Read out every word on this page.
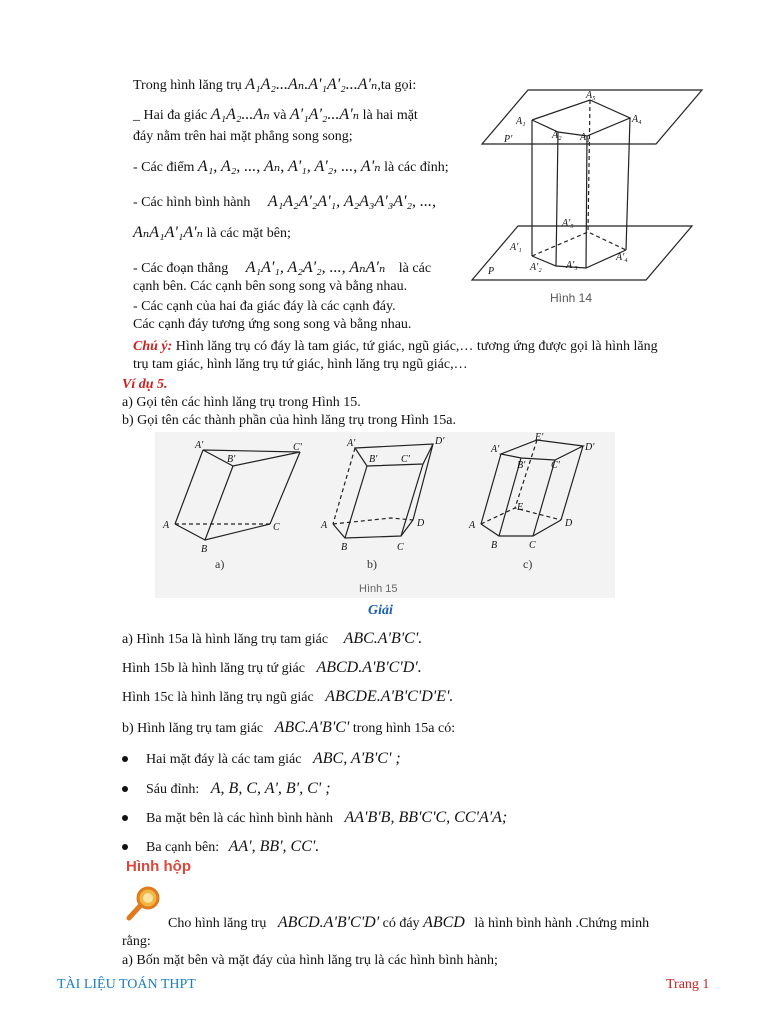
Trong hình lăng trụ A₁A₂...Aₙ.A'₁A'₂...A'ₙ,ta gọi:
_ Hai đa giác A₁A₂...Aₙ và A'₁A'₂...A'ₙ là hai mặt
đáy nằm trên hai mặt phẳng song song;
- Các điểm A₁, A₂, ..., Aₙ, A'₁, A'₂, ..., A'ₙ là các đỉnh;
- Các hình bình hành A₁A₂A'₂A'₁, A₂A₃A'₃A'₂, ...,
AₙA₁A'₁A'ₙ là các mặt bên;
- Các đoạn thẳng A₁A'₁, A₂A'₂, ..., AₙA'ₙ là các
cạnh bên. Các cạnh bên song song và bằng nhau.
- Các cạnh của hai đa giác đáy là các cạnh đáy.
Các cạnh đáy tương ứng song song và bằng nhau.
A₁
A₂ A₃
A₄
A₅
P'
A'₁
A'₂ A'₃
A'₄
A'₅
P
Hình 14
Chú ý: Hình lăng trụ có đáy là tam giác, tứ giác, ngũ giác,… tương ứng được gọi là hình lăng
trụ tam giác, hình lăng trụ tứ giác, hình lăng trụ ngũ giác,…
Ví dụ 5.
a) Gọi tên các hình lăng trụ trong Hình 15.
b) Gọi tên các thành phần của hình lăng trụ trong Hình 15a.
A'
B'
C'
A
B
C
A'	D'
B' C'
A	D
B	C
A'
E'
B'	C'
D'
E
A	D
B	C
a)	b)	c)
Hình 15
Giải
a) Hình 15a là hình lăng trụ tam giác ABC.A'B'C'.
Hình 15b là hình lăng trụ tứ giác ABCD.A'B'C'D'.
Hình 15c là hình lăng trụ ngũ giác ABCDE.A'B'C'D'E'.
b) Hình lăng trụ tam giác ABC.A'B'C' trong hình 15a có:
Hai mặt đáy là các tam giác ABC, A'B'C' ;
Sáu đỉnh: A, B, C, A', B', C' ;
Ba mặt bên là các hình bình hành AA'B'B, BB'C'C, CC'A'A;
Ba cạnh bên: AA', BB', CC'.
Hình hộp
Cho hình lăng trụ ABCD.A'B'C'D' có đáy ABCD là hình bình hành .Chứng minh
rằng:
a) Bốn mặt bên và mặt đáy của hình lăng trụ là các hình bình hành;
TÀI LIỆU TOÁN THPT	Trang 1
